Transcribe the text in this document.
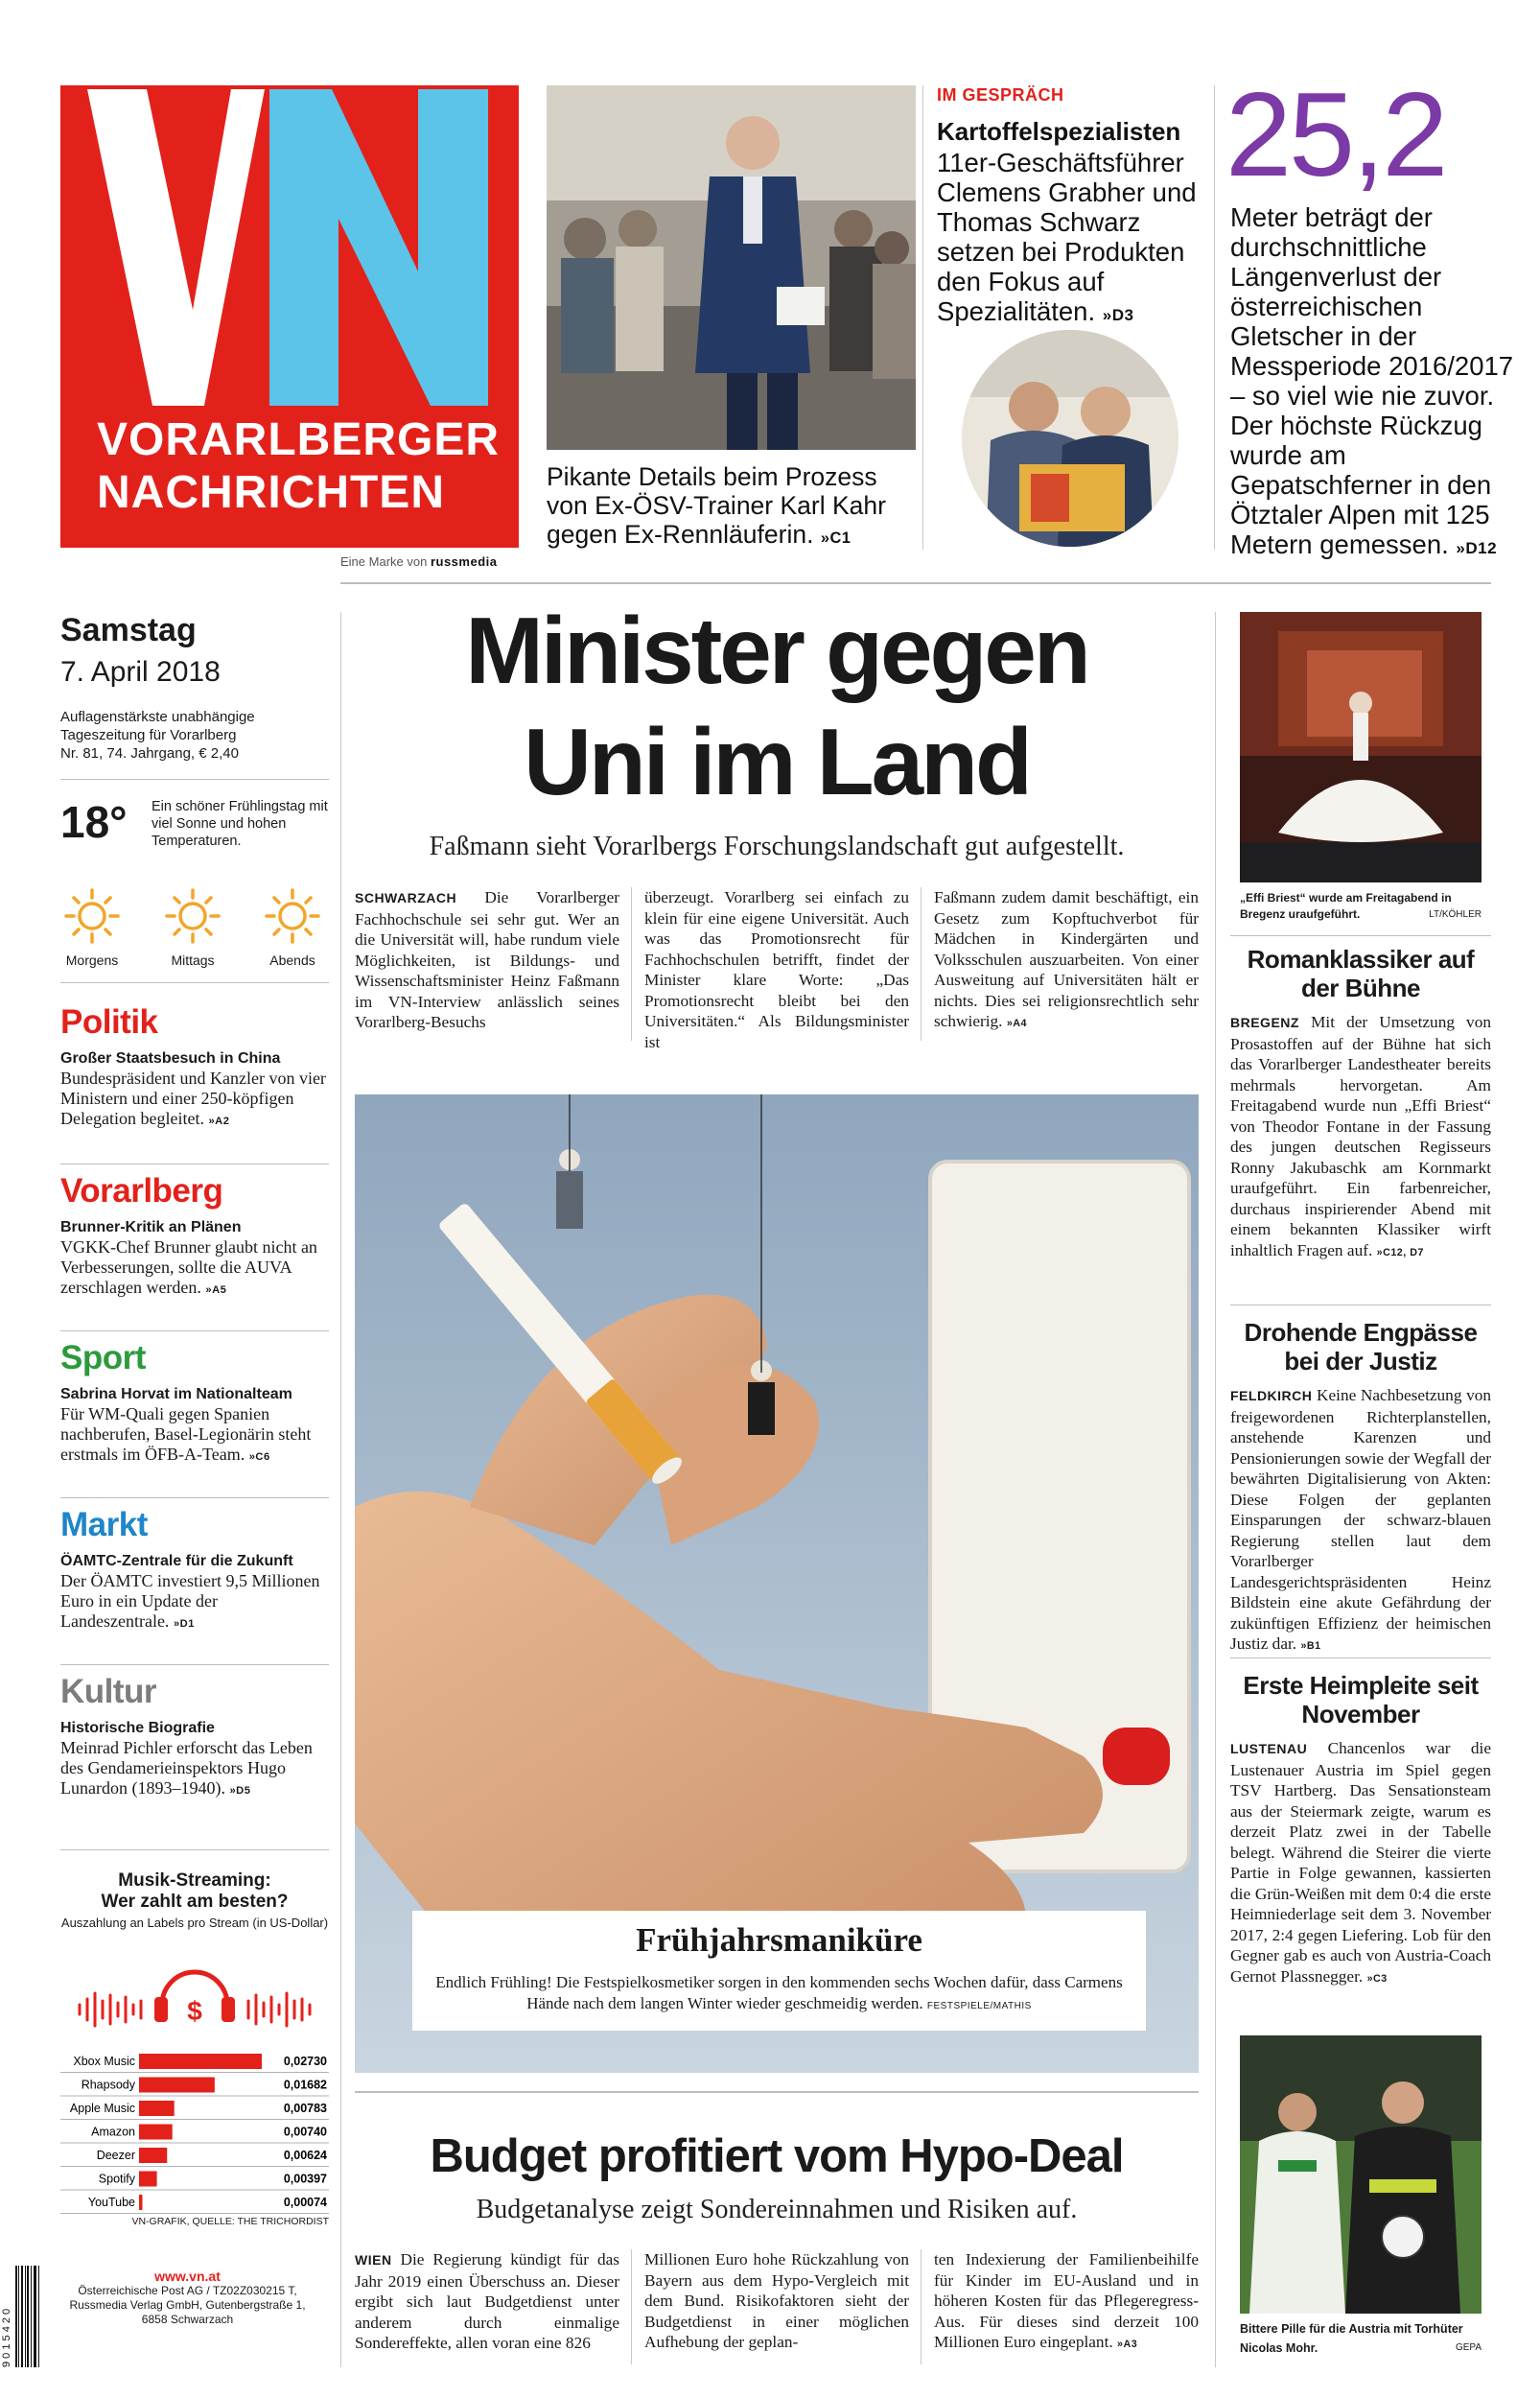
VORARLBERGER
NACHRICHTEN
Eine Marke von russmedia
Pikante Details beim Prozess von Ex-ÖSV-Trainer Karl Kahr gegen Ex-Rennläuferin. »C1
IM GESPRÄCH
Kartoffelspezialisten
11er-Geschäftsführer Clemens Grabher und Thomas Schwarz setzen bei Produkten den Fokus auf Spezialitäten. »D3
25,2
Meter beträgt der durchschnittliche Längenverlust der österreichischen Gletscher in der Messperiode 2016/2017 – so viel wie nie zuvor. Der höchste Rückzug wurde am Gepatschferner in den Ötztaler Alpen mit 125 Metern gemessen. »D12
Samstag
7. April 2018
Auflagenstärkste unabhängige
Tageszeitung für Vorarlberg
Nr. 81, 74. Jahrgang, € 2,40
18° Ein schöner Frühlingstag mit viel Sonne und hohen Temperaturen.
Morgens	Mittags	Abends
Politik
Großer Staatsbesuch in China
Bundespräsident und Kanzler von vier Ministern und einer 250-köpfigen Delegation begleitet. »A2
Vorarlberg
Brunner-Kritik an Plänen
VGKK-Chef Brunner glaubt nicht an Verbesserungen, sollte die AUVA zerschlagen werden. »A5
Sport
Sabrina Horvat im Nationalteam
Für WM-Quali gegen Spanien nachberufen, Basel-Legionärin steht erstmals im ÖFB-A-Team. »C6
Markt
ÖAMTC-Zentrale für die Zukunft
Der ÖAMTC investiert 9,5 Millionen Euro in ein Update der Landeszentrale. »D1
Kultur
Historische Biografie
Meinrad Pichler erforscht das Leben des Gendamerieinspektors Hugo Lunardon (1893–1940). »D5
Musik-Streaming:
Wer zahlt am besten?
Auszahlung an Labels pro Stream (in US-Dollar)
$
Xbox Music	0,02730
Rhapsody	0,01682
Apple Music	0,00783
Amazon	0,00740
Deezer	0,00624
Spotify	0,00397
YouTube	0,00074
VN-GRAFIK, QUELLE: THE TRICHORDIST
9 0 1 5 4 2 0
www.vn.at
Österreichische Post AG / TZ02Z030215 T,
Russmedia Verlag GmbH, Gutenbergstraße 1,
6858 Schwarzach
Minister gegen
Uni im Land
Faßmann sieht Vorarlbergs Forschungslandschaft gut aufgestellt.
SCHWARZACH Die Vorarlberger Fachhochschule sei sehr gut. Wer an die Universität will, habe rundum viele Möglichkeiten, ist Bildungs- und Wissenschaftsminister Heinz Faßmann im VN-Interview anlässlich seines Vorarlberg-Besuchs
überzeugt. Vorarlberg sei einfach zu klein für eine eigene Universität. Auch was das Promotionsrecht für Fachhochschulen betrifft, findet der Minister klare Worte: „Das Promotionsrecht bleibt bei den Universitäten.“ Als Bildungsminister ist
Faßmann zudem damit beschäftigt, ein Gesetz zum Kopftuchverbot für Mädchen in Kindergärten und Volksschulen auszuarbeiten. Von einer Ausweitung auf Universitäten hält er nichts. Dies sei religionsrechtlich sehr schwierig. »A4
Frühjahrsmaniküre
Endlich Frühling! Die Festspielkosmetiker sorgen in den kommenden sechs Wochen dafür, dass Carmens Hände nach dem langen Winter wieder geschmeidig werden. FESTSPIELE/MATHIS
Budget profitiert vom Hypo-Deal
Budgetanalyse zeigt Sondereinnahmen und Risiken auf.
WIEN Die Regierung kündigt für das Jahr 2019 einen Überschuss an. Dieser ergibt sich laut Budgetdienst unter anderem durch einmalige Sondereffekte, allen voran eine 826
Millionen Euro hohe Rückzahlung von Bayern aus dem Hypo-Vergleich mit dem Bund. Risikofaktoren sieht der Budgetdienst in einer möglichen Aufhebung der geplan-
ten Indexierung der Familienbeihilfe für Kinder im EU-Ausland und in höheren Kosten für das Pflegeregress-Aus. Für dieses sind derzeit 100 Millionen Euro eingeplant. »A3
„Effi Briest“ wurde am Freitagabend in Bregenz uraufgeführt.	LT/KÖHLER
Romanklassiker auf der Bühne
BREGENZ Mit der Umsetzung von Prosastoffen auf der Bühne hat sich das Vorarlberger Landestheater bereits mehrmals hervorgetan. Am Freitagabend wurde nun „Effi Briest“ von Theodor Fontane in der Fassung des jungen deutschen Regisseurs Ronny Jakubaschk am Kornmarkt uraufgeführt. Ein farbenreicher, durchaus inspirierender Abend mit einem bekannten Klassiker wirft inhaltlich Fragen auf. »C12, D7
Drohende Engpässe bei der Justiz
FELDKIRCH Keine Nachbesetzung von freigewordenen Richterplanstellen, anstehende Karenzen und Pensionierungen sowie der Wegfall der bewährten Digitalisierung von Akten: Diese Folgen der geplanten Einsparungen der schwarz-blauen Regierung stellen laut dem Vorarlberger Landesgerichtspräsidenten Heinz Bildstein eine akute Gefährdung der zukünftigen Effizienz der heimischen Justiz dar. »B1
Erste Heimpleite seit November
LUSTENAU Chancenlos war die Lustenauer Austria im Spiel gegen TSV Hartberg. Das Sensationsteam aus der Steiermark zeigte, warum es derzeit Platz zwei in der Tabelle belegt. Während die Steirer die vierte Partie in Folge gewannen, kassierten die Grün-Weißen mit dem 0:4 die erste Heimniederlage seit dem 3. November 2017, 2:4 gegen Liefering. Lob für den Gegner gab es auch von Austria-Coach Gernot Plassnegger. »C3
Bittere Pille für die Austria mit Torhüter Nicolas Mohr.	GEPA
